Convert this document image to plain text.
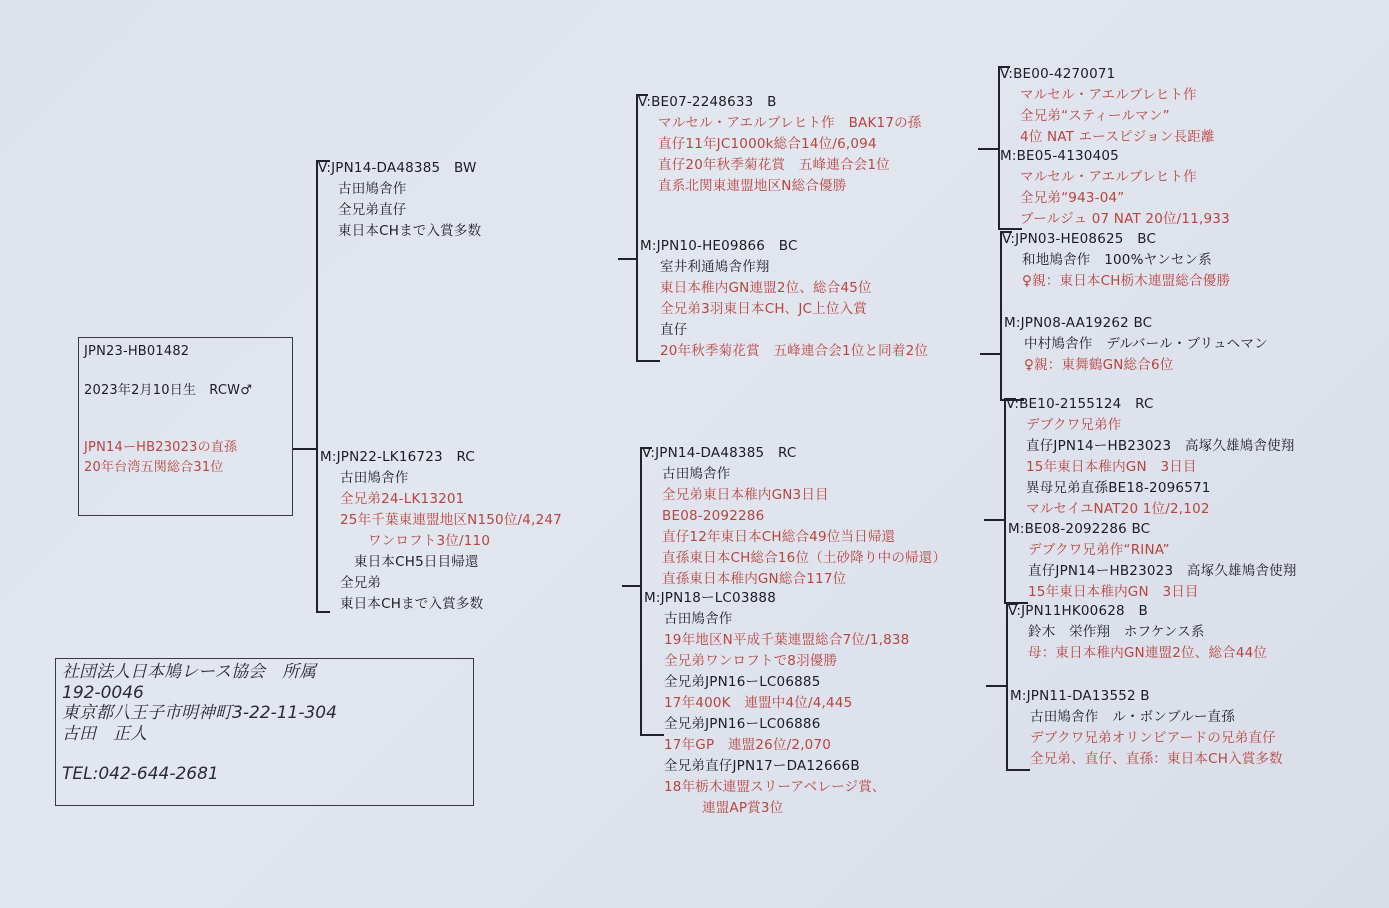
JPN23-HB01482
2023年2月10日生　RCW♂
JPN14ーHB23023の直孫
20年台湾五関総合31位
社団法人日本鳩レース協会　所属
192-0046
東京都八王子市明神町3-22-11-304
古田　正人
TEL:042-644-2681
V:JPN14-DA48385　BW
古田鳩舎作
全兄弟直仔
東日本CHまで入賞多数
M:JPN22-LK16723　RC
古田鳩舎作
全兄弟24-LK13201
25年千葉東連盟地区N150位/4,247
ワンロフト3位/110
東日本CH5日目帰還
全兄弟
東日本CHまで入賞多数
V:BE07-2248633　B
マルセル・アエルブレヒト作　BAK17の孫
直仔11年JC1000k総合14位/6,094
直仔20年秋季菊花賞　五峰連合会1位
直系北関東連盟地区N総合優勝
M:JPN10-HE09866　BC
室井利通鳩舎作翔
東日本稚内GN連盟2位、総合45位
全兄弟3羽東日本CH、JC上位入賞
直仔
20年秋季菊花賞　五峰連合会1位と同着2位
V:JPN14-DA48385　RC
古田鳩舎作
全兄弟東日本稚内GN3日目
BE08-2092286
直仔12年東日本CH総合49位当日帰還
直孫東日本CH総合16位（土砂降り中の帰還）
直孫東日本稚内GN総合117位
M:JPN18ーLC03888
古田鳩舎作
19年地区N平成千葉連盟総合7位/1,838
全兄弟ワンロフトで8羽優勝
全兄弟JPN16ーLC06885
17年400K　連盟中4位/4,445
全兄弟JPN16ーLC06886
17年GP　連盟26位/2,070
全兄弟直仔JPN17ーDA12666B
18年栃木連盟スリーアベレージ賞、
連盟AP賞3位
V:BE00-4270071
マルセル・アエルブレヒト作
全兄弟“スティールマン”
4位 NAT エースピジョン長距離
M:BE05-4130405
マルセル・アエルブレヒト作
全兄弟“943-04”
ブールジュ 07 NAT 20位/11,933
V:JPN03-HE08625　BC
和地鳩舎作　100%ヤンセン系
♀親：東日本CH栃木連盟総合優勝
M:JPN08-AA19262 BC
中村鳩舎作　デルバール・ブリュヘマン
♀親：東舞鶴GN総合6位
V:BE10-2155124　RC
デブクワ兄弟作
直仔JPN14ーHB23023　高塚久雄鳩舎使翔
15年東日本稚内GN　3日目
異母兄弟直孫BE18-2096571
マルセイユNAT20 1位/2,102
M:BE08-2092286 BC
デブクワ兄弟作“RINA”
直仔JPN14ーHB23023　高塚久雄鳩舎使翔
15年東日本稚内GN　3日目
V:JPN11HK00628　B
鈴木　栄作翔　ホフケンス系
母：東日本稚内GN連盟2位、総合44位
M:JPN11-DA13552 B
古田鳩舎作　ル・ボンブルー直孫
デブクワ兄弟オリンピアードの兄弟直仔
全兄弟、直仔、直孫：東日本CH入賞多数
